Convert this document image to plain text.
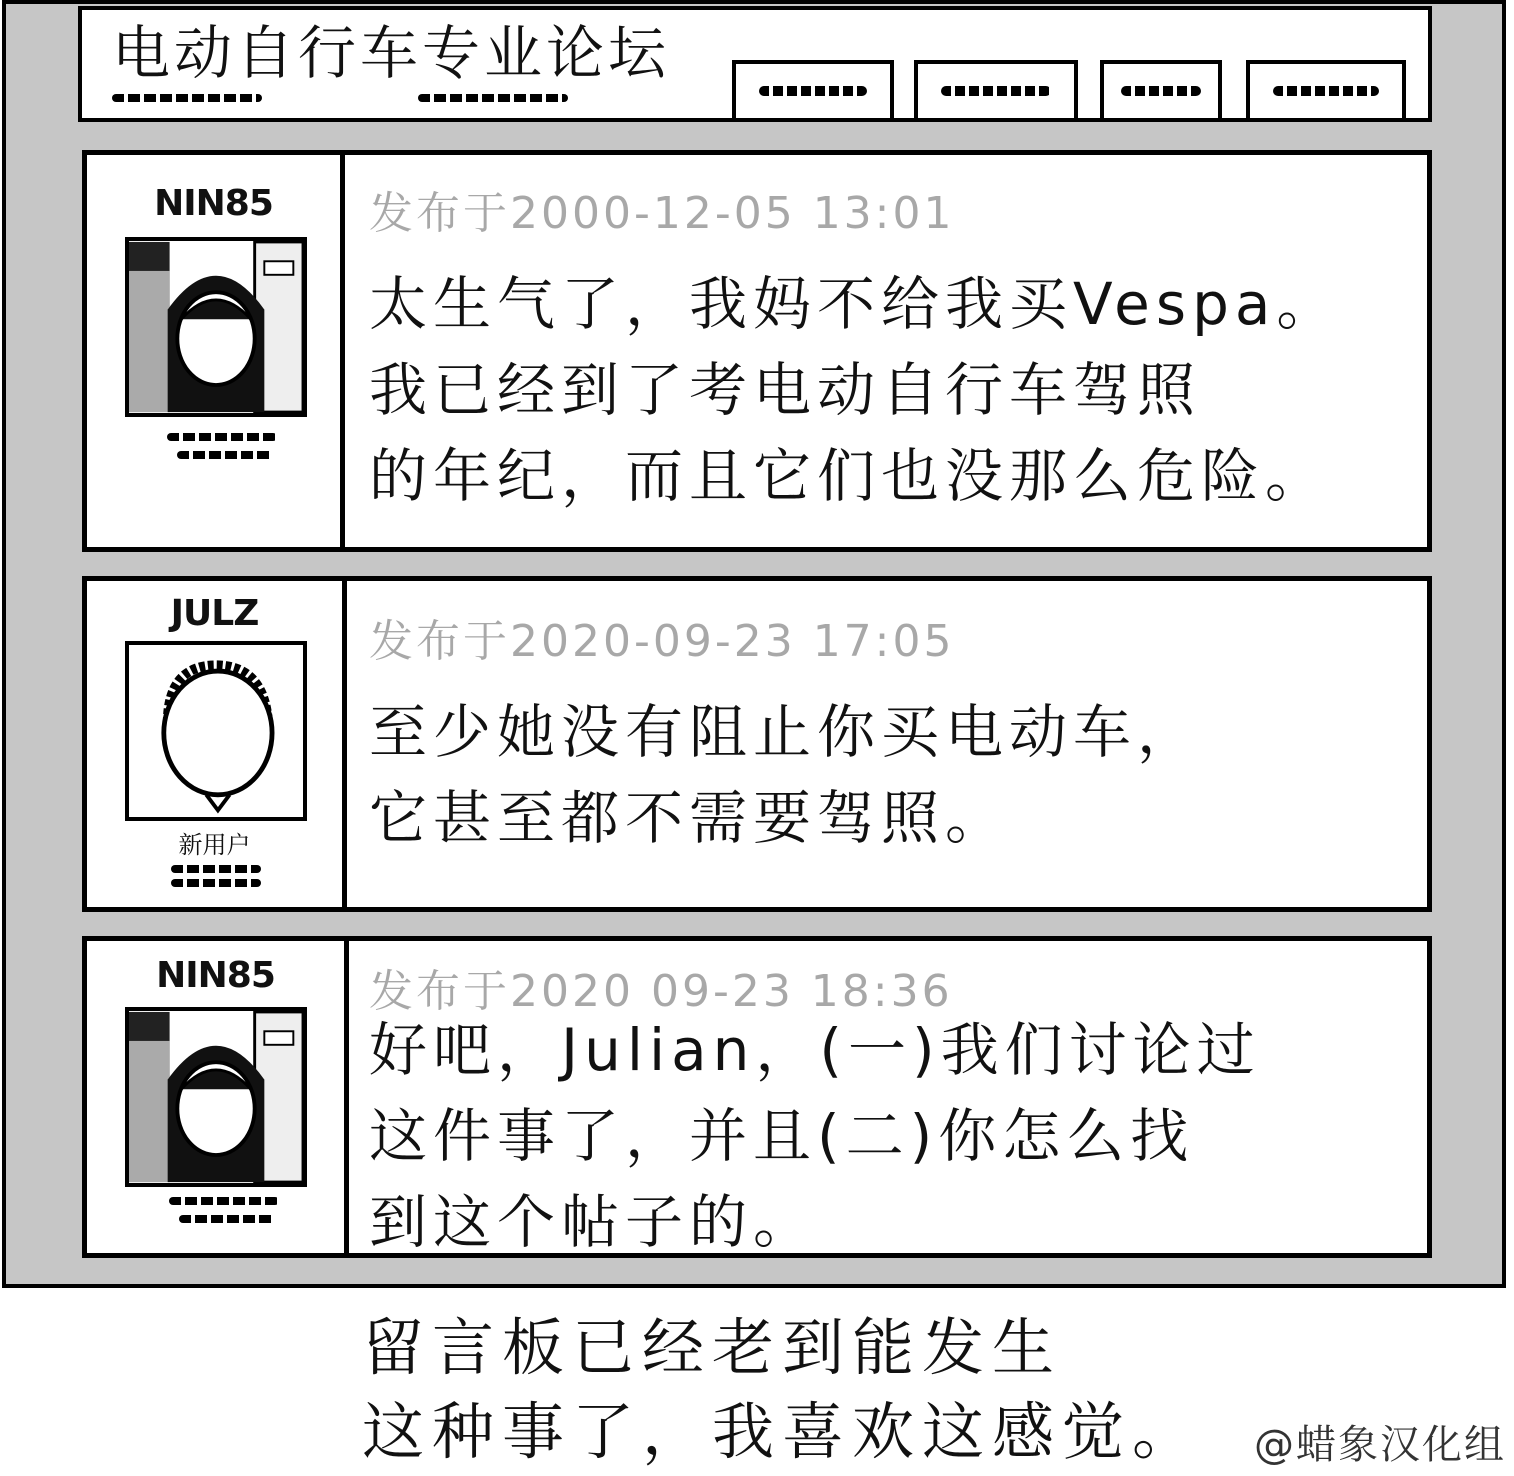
电动自行车专业论坛
NIN85	发布于2000-12-05 13:01
太生气了，我妈不给我买Vespa。
我已经到了考电动自行车驾照
的年纪，而且它们也没那么危险。
JULZ
新用户
发布于2020-09-23 17:05
至少她没有阻止你买电动车，
它甚至都不需要驾照。
NIN85	发布于2020 09-23 18:36
好吧，Julian，(一)我们讨论过
这件事了，并且(二)你怎么找
到这个帖子的。
留言板已经老到能发生
这种事了，我喜欢这感觉。 @蜡象汉化组
